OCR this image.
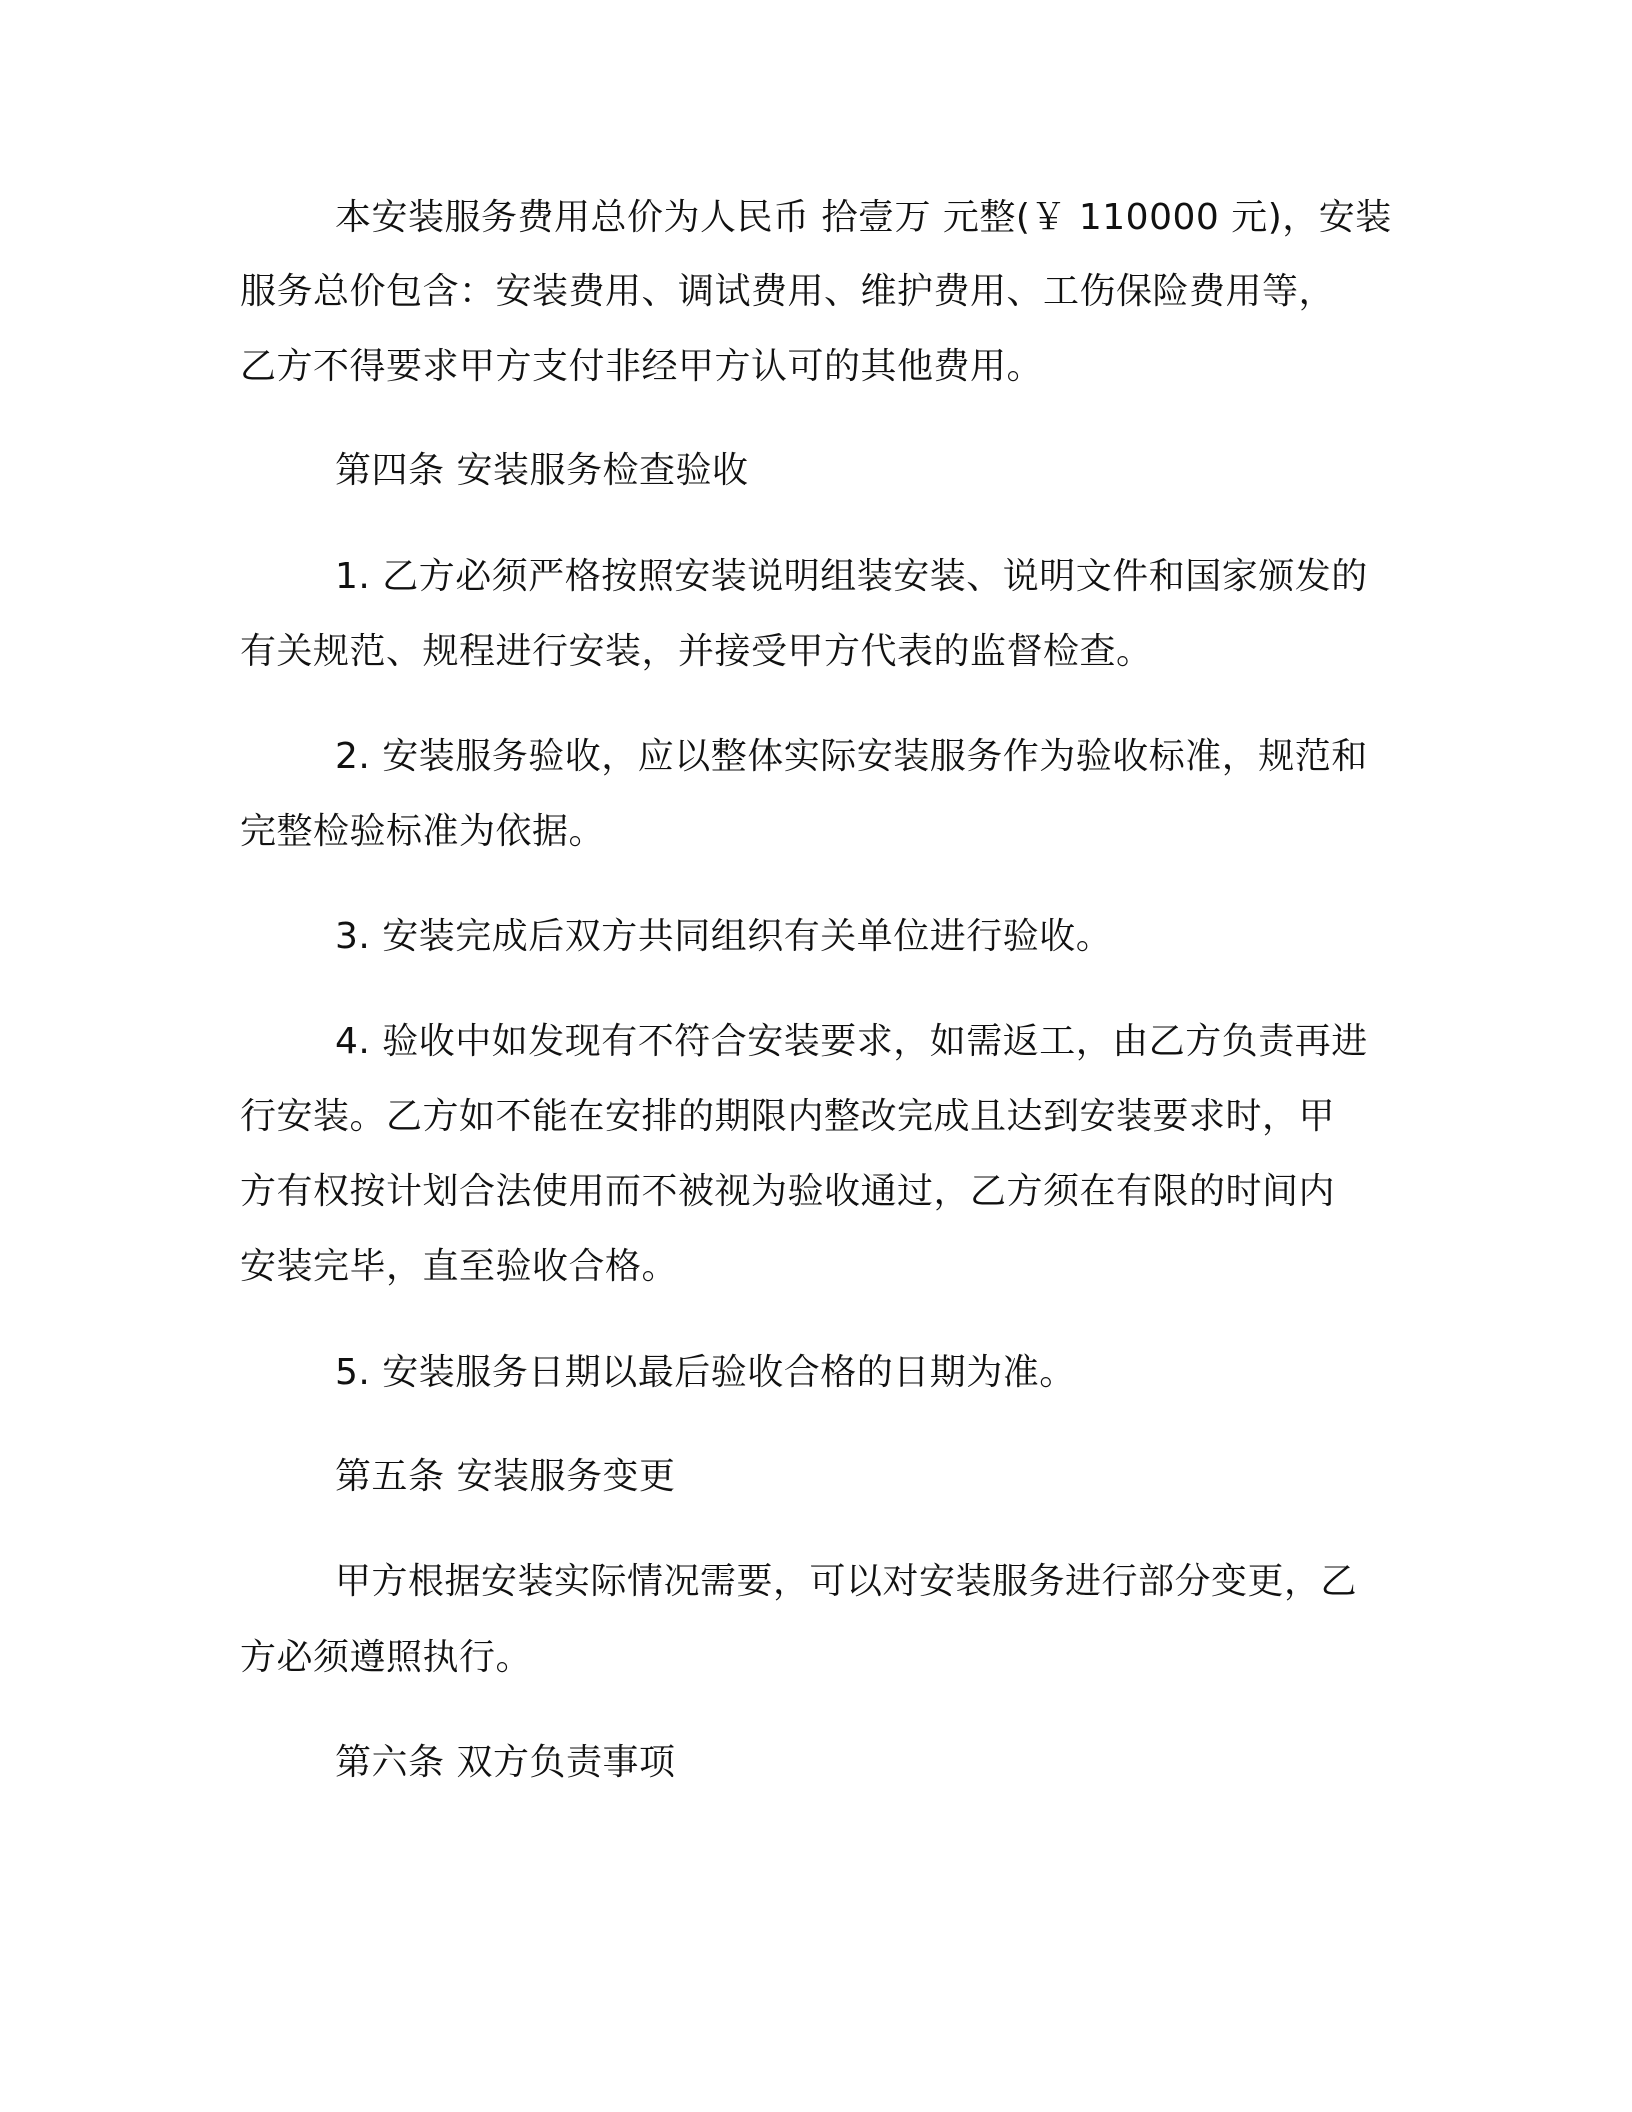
本安装服务费用总价为人民币 拾壹万 元整(￥ 110000 元)，安装
服务总价包含：安装费用、调试费用、维护费用、工伤保险费用等，
乙方不得要求甲方支付非经甲方认可的其他费用。
第四条 安装服务检查验收
1. 乙方必须严格按照安装说明组装安装、说明文件和国家颁发的
有关规范、规程进行安装，并接受甲方代表的监督检查。
2. 安装服务验收，应以整体实际安装服务作为验收标准，规范和
完整检验标准为依据。
3. 安装完成后双方共同组织有关单位进行验收。
4. 验收中如发现有不符合安装要求，如需返工，由乙方负责再进
行安装。乙方如不能在安排的期限内整改完成且达到安装要求时，甲
方有权按计划合法使用而不被视为验收通过，乙方须在有限的时间内
安装完毕，直至验收合格。
5. 安装服务日期以最后验收合格的日期为准。
第五条 安装服务变更
甲方根据安装实际情况需要，可以对安装服务进行部分变更，乙
方必须遵照执行。
第六条 双方负责事项
